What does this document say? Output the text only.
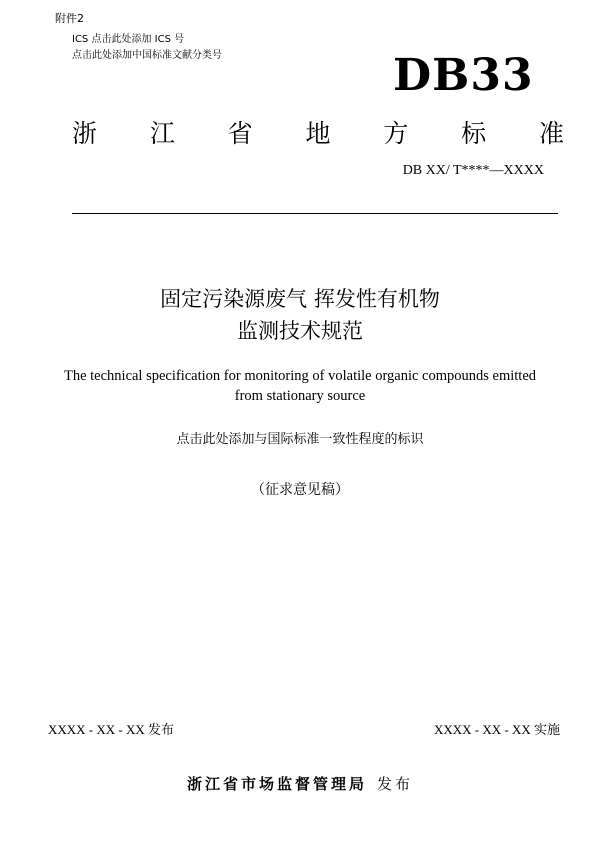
附件2
ICS 点击此处添加 ICS 号
点击此处添加中国标准文献分类号	DB33
浙 江 省 地 方 标 准
DB XX/ T****—XXXX
固定污染源废气 挥发性有机物
监测技术规范
The technical specification for monitoring of volatile organic compounds emitted
from stationary source
点击此处添加与国际标准一致性程度的标识
（征求意见稿）
XXXX - XX - XX 发布	XXXX - XX - XX 实施
浙江省市场监督管理局 发布
